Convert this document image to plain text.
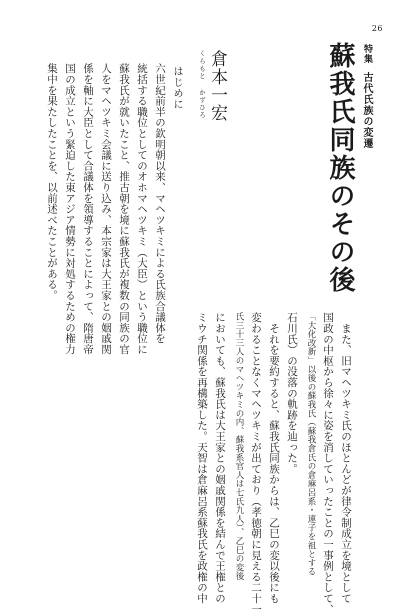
26
特集
古代氏族の変遷
蘇我氏同族のその後
くらもと かずひろ 倉本一宏
はじめに
六世紀前半の欽明朝以来、マヘツキミによる氏族合議体を
統括する職位としてのオホマヘツキミ（大臣）という職位に
蘇我氏が就いたこと、推古朝を境に蘇我氏が複数の同族の官
人をマヘツキミ会議に送り込み、本宗家は大王家との姻戚関
係を軸に大臣として合議体を領導することによって、隋唐帝
国の成立という緊迫した東アジア情勢に対処するための権力
集中を果たしたことを、以前述べたことがある。
　また、旧マヘツキミ氏のほとんどが律令制成立を境として
国政の中枢から徐々に姿を消していったことの一事例として、
「大化改新」以後の蘇我氏（蘇我倉氏の倉麻呂系・連子を祖とする
石川氏）の没落の軌跡を辿った。
　それを要約すると、蘇我氏同族からは、乙巳の変以後にも
変わることなくマヘツキミが出ており（孝徳朝に見える二十一
氏三十三人のマヘツキミの内、蘇我系官人は七氏九人）、乙巳の変後
においても、蘇我氏は大王家との姻戚関係を結んで王権との
ミウチ関係を再構築した。天智は倉麻呂系蘇我氏を政権の中
